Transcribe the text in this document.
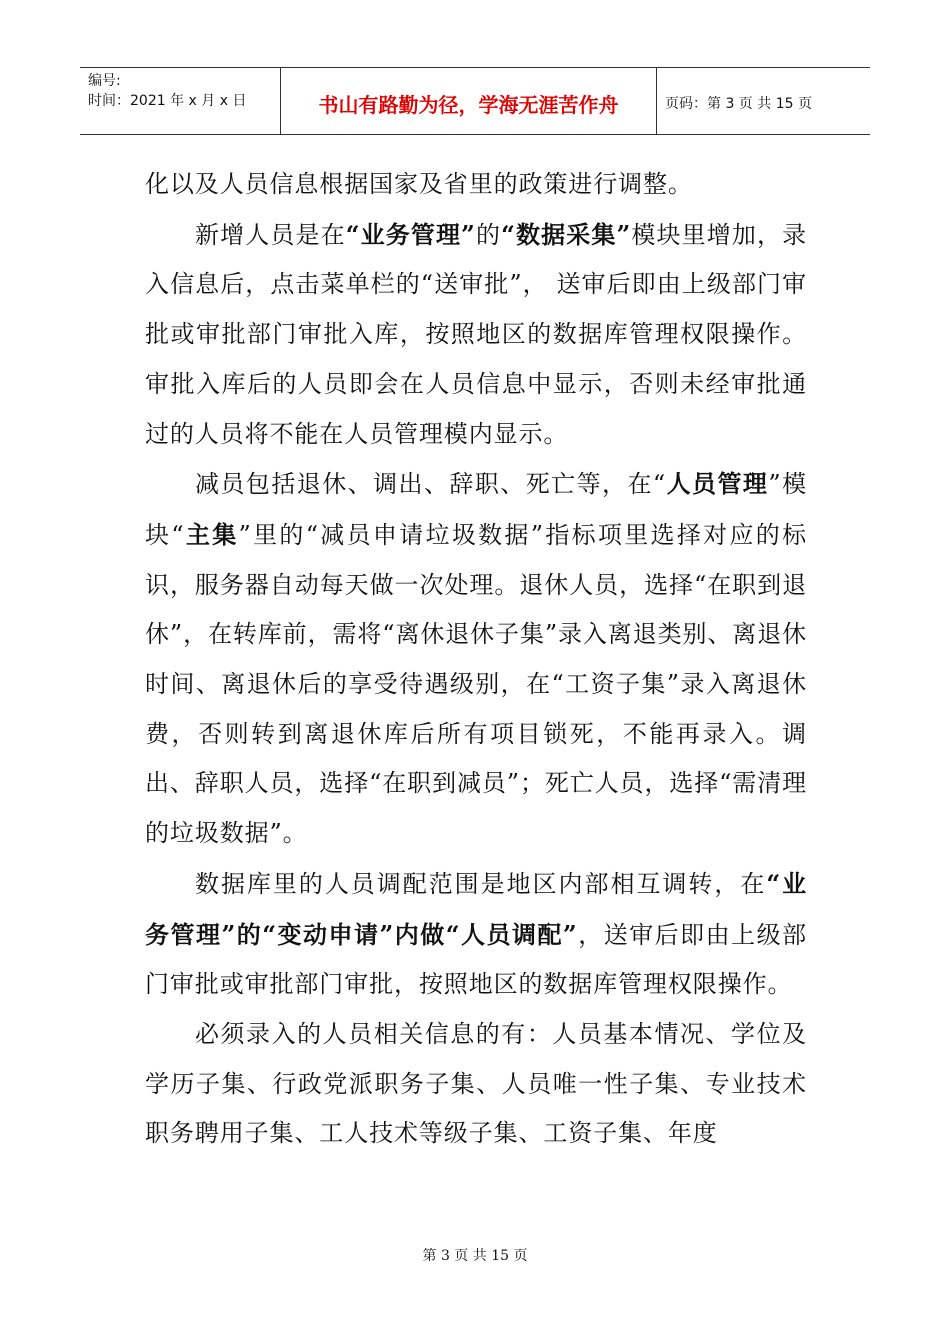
编号:
时间：2021 年 x 月 x 日	书山有路勤为径，学海无涯苦作舟	页码：第 3 页 共 15 页

化以及人员信息根据国家及省里的政策进行调整。

新增人员是在“业务管理”的“数据采集”模块里增加，录入信息后，点击菜单栏的“送审批”， 送审后即由上级部门审批或审批部门审批入库，按照地区的数据库管理权限操作。审批入库后的人员即会在人员信息中显示，否则未经审批通过的人员将不能在人员管理模内显示。

减员包括退休、调出、辞职、死亡等，在“人员管理”模块“主集”里的“减员申请垃圾数据”指标项里选择对应的标识，服务器自动每天做一次处理。退休人员，选择“在职到退休”，在转库前，需将“离休退休子集”录入离退类别、离退休时间、离退休后的享受待遇级别，在“工资子集”录入离退休费，否则转到离退休库后所有项目锁死，不能再录入。调出、辞职人员，选择“在职到减员”；死亡人员，选择“需清理的垃圾数据”。

数据库里的人员调配范围是地区内部相互调转，在“业务管理”的“变动申请”内做“人员调配”，送审后即由上级部门审批或审批部门审批，按照地区的数据库管理权限操作。

必须录入的人员相关信息的有：人员基本情况、学位及学历子集、行政党派职务子集、人员唯一性子集、专业技术职务聘用子集、工人技术等级子集、工资子集、年度

第 3 页 共 15 页
